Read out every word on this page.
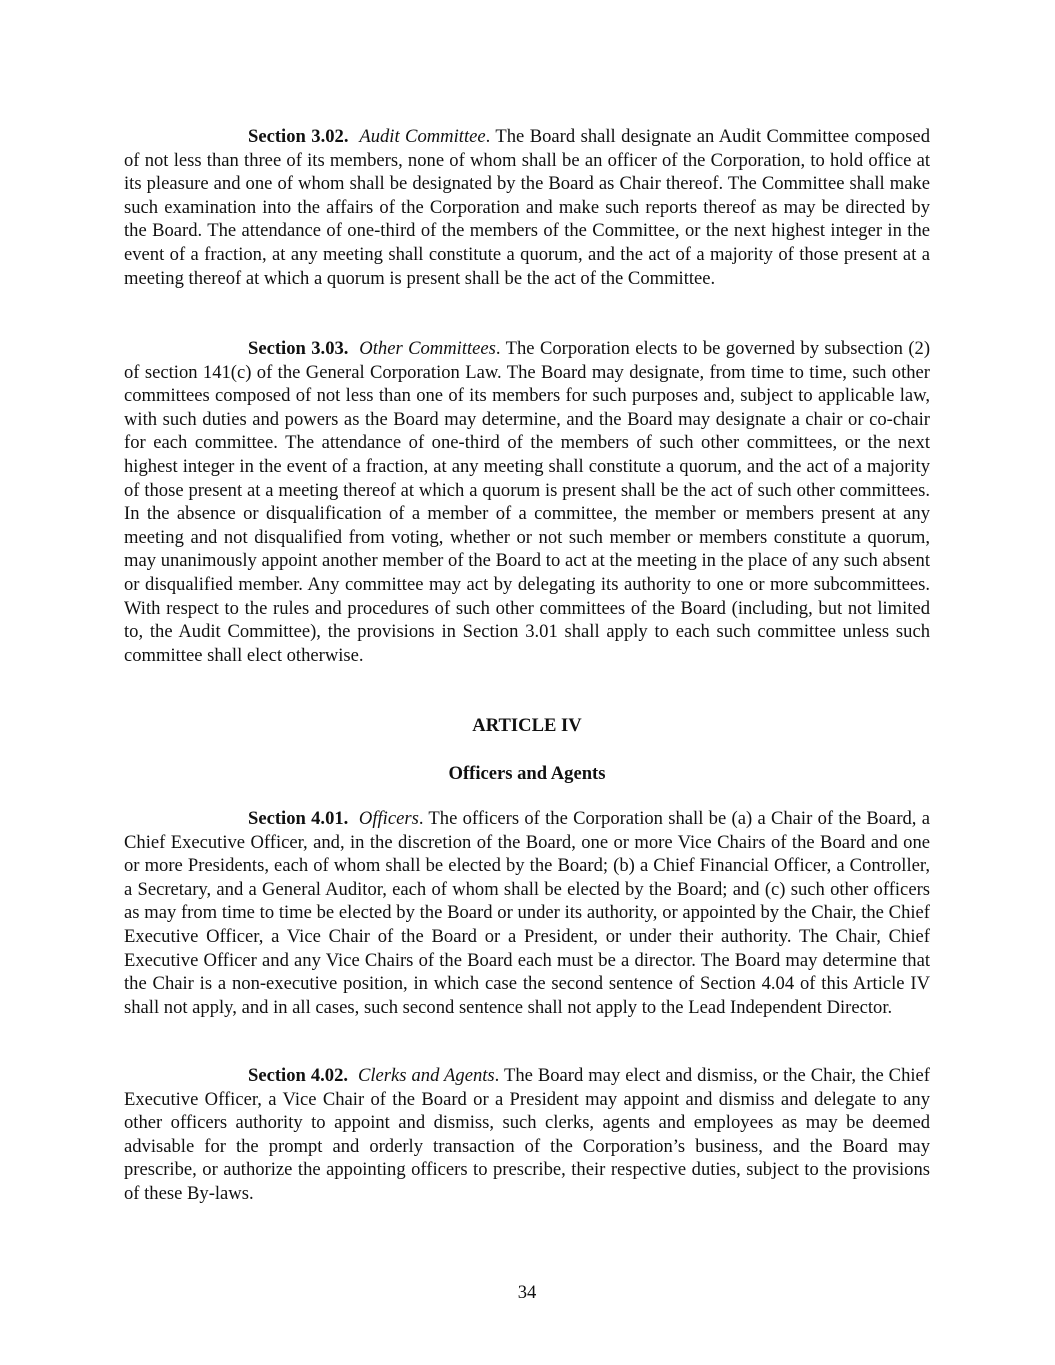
Section 3.02. Audit Committee. The Board shall designate an Audit Committee composed of not less than three of its members, none of whom shall be an officer of the Corporation, to hold office at its pleasure and one of whom shall be designated by the Board as Chair thereof. The Committee shall make such examination into the affairs of the Corporation and make such reports thereof as may be directed by the Board. The attendance of one-third of the members of the Committee, or the next highest integer in the event of a fraction, at any meeting shall constitute a quorum, and the act of a majority of those present at a meeting thereof at which a quorum is present shall be the act of the Committee.

Section 3.03. Other Committees. The Corporation elects to be governed by subsection (2) of section 141(c) of the General Corporation Law. The Board may designate, from time to time, such other committees composed of not less than one of its members for such purposes and, subject to applicable law, with such duties and powers as the Board may determine, and the Board may designate a chair or co-chair for each committee. The attendance of one-third of the members of such other committees, or the next highest integer in the event of a fraction, at any meeting shall constitute a quorum, and the act of a majority of those present at a meeting thereof at which a quorum is present shall be the act of such other committees. In the absence or disqualification of a member of a committee, the member or members present at any meeting and not disqualified from voting, whether or not such member or members constitute a quorum, may unanimously appoint another member of the Board to act at the meeting in the place of any such absent or disqualified member. Any committee may act by delegating its authority to one or more subcommittees. With respect to the rules and procedures of such other committees of the Board (including, but not limited to, the Audit Committee), the provisions in Section 3.01 shall apply to each such committee unless such committee shall elect otherwise.

ARTICLE IV

Officers and Agents

Section 4.01. Officers. The officers of the Corporation shall be (a) a Chair of the Board, a Chief Executive Officer, and, in the discretion of the Board, one or more Vice Chairs of the Board and one or more Presidents, each of whom shall be elected by the Board; (b) a Chief Financial Officer, a Controller, a Secretary, and a General Auditor, each of whom shall be elected by the Board; and (c) such other officers as may from time to time be elected by the Board or under its authority, or appointed by the Chair, the Chief Executive Officer, a Vice Chair of the Board or a President, or under their authority. The Chair, Chief Executive Officer and any Vice Chairs of the Board each must be a director. The Board may determine that the Chair is a non-executive position, in which case the second sentence of Section 4.04 of this Article IV shall not apply, and in all cases, such second sentence shall not apply to the Lead Independent Director.

Section 4.02. Clerks and Agents. The Board may elect and dismiss, or the Chair, the Chief Executive Officer, a Vice Chair of the Board or a President may appoint and dismiss and delegate to any other officers authority to appoint and dismiss, such clerks, agents and employees as may be deemed advisable for the prompt and orderly transaction of the Corporation’s business, and the Board may prescribe, or authorize the appointing officers to prescribe, their respective duties, subject to the provisions of these By-laws.

34
